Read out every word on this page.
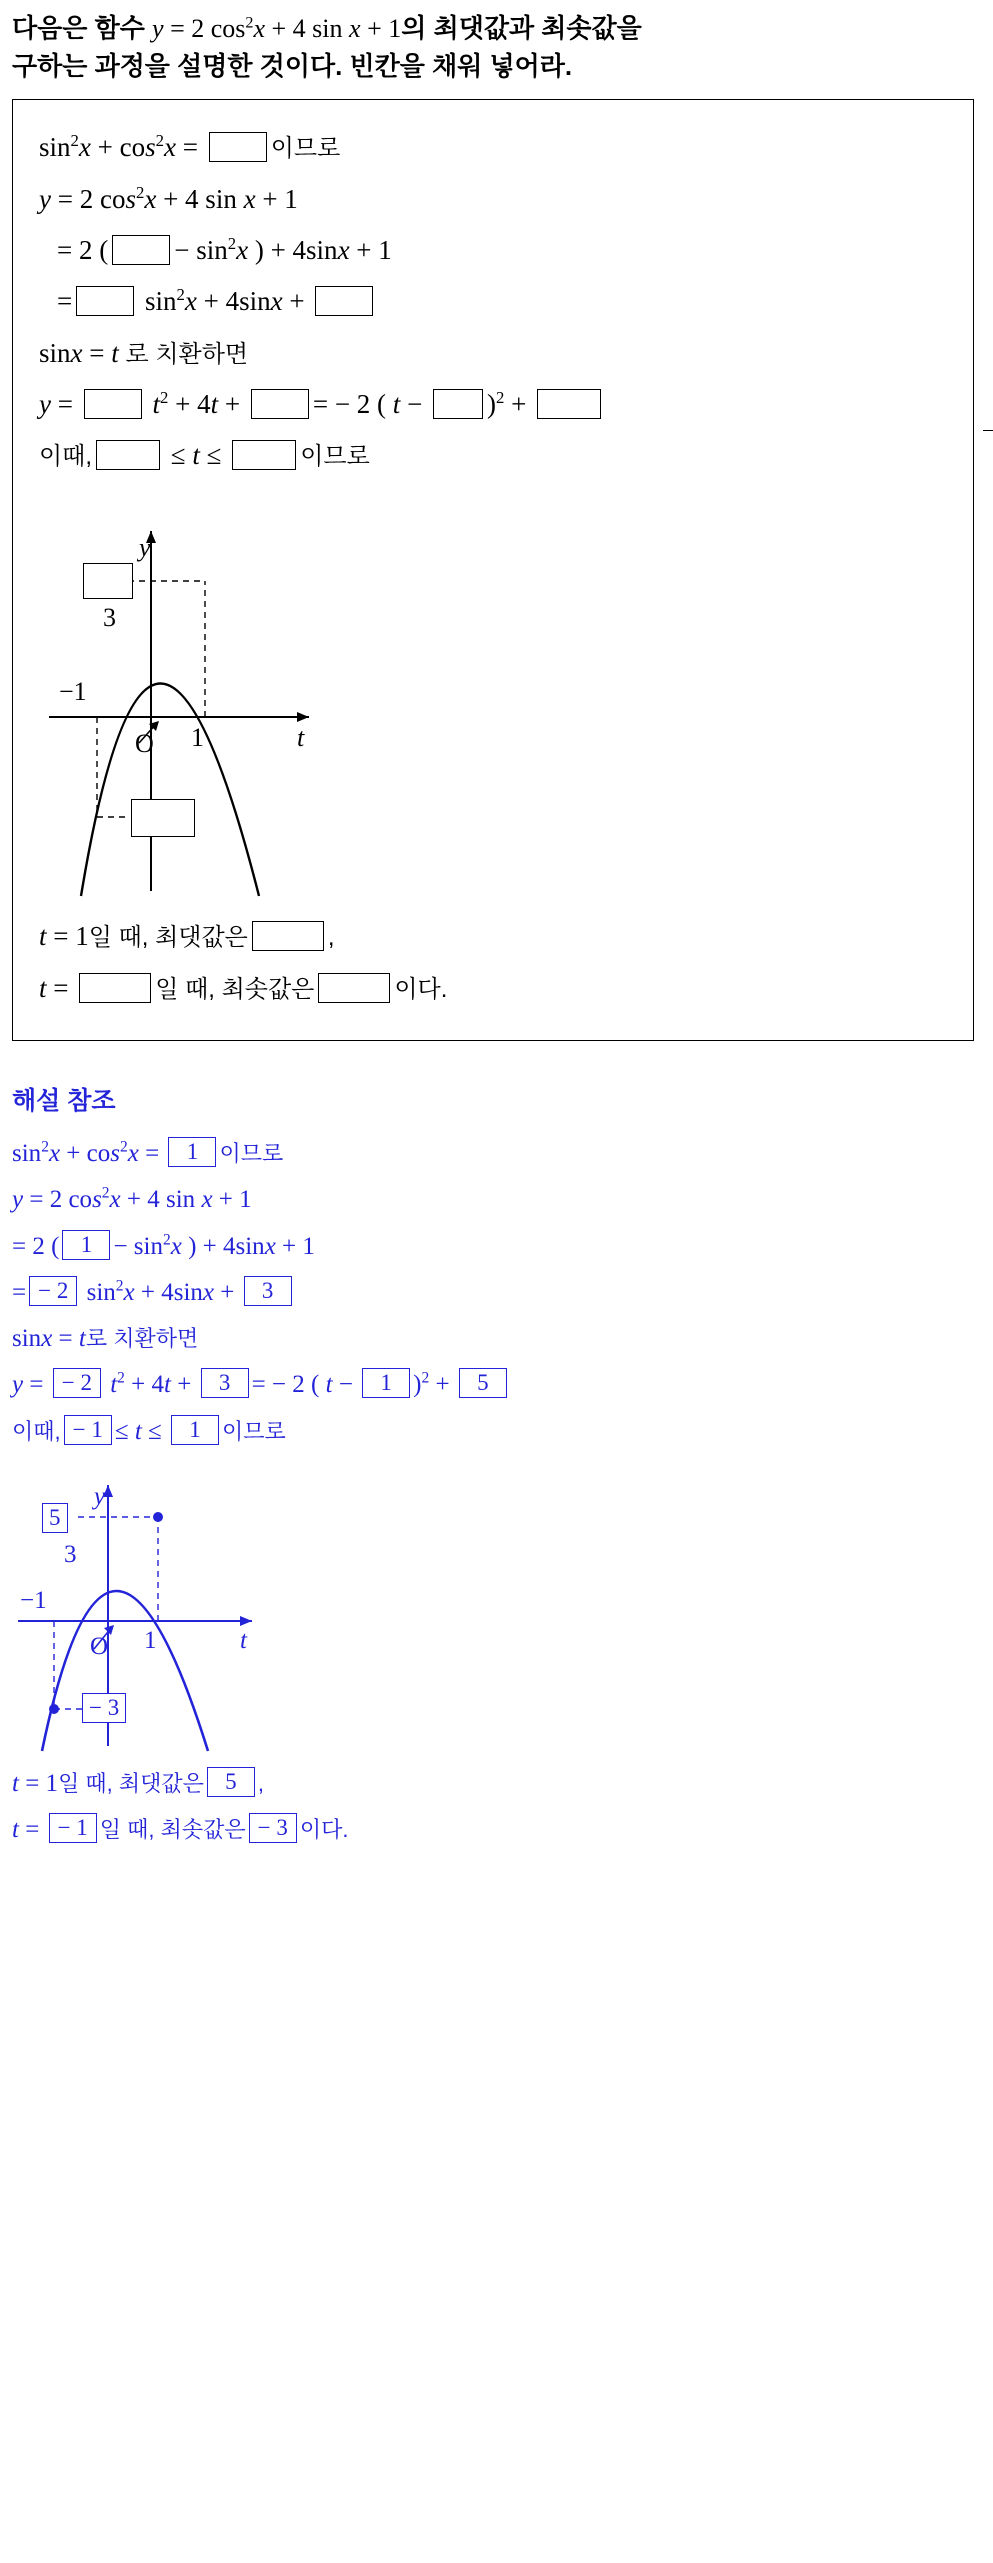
다음은 함수 y = 2 $\cos^2x + 4$ sin x + 1의 최댓값과 최솟값을
구하는 과정을 설명한 것이다. 빈칸을 채워 넣어라.
$\sin^2x + \cos^2x$ =	이므로
y = 2 $\cos^2x + 4$ sin x + 1
= 2 ( − $\sin^2x$ ) + 4sinx + 1
= $\sin^2x + 4\sin x$ +
sinx = t 로 치환하면
y =	$t^2 + 4t$ + = − 2 ( t − )$^2$ +
이때,	≤ t ≤	이므로
y
t
3
−1
1
O
t = 1일 때, 최댓값은	,
t =	일 때, 최솟값은	이다.
해설 참조
$\sin^2x + \cos^2x = 1$ 이므로
y = 2 $\cos^2x + 4$ sin x + 1
= 2 ( $1 - \sin^2x$ ) + 4sinx + 1
= − 2 $\sin^2x + 4\sin x + 3$
sinx = t로 치환하면
y = − 2 $t^2 + 4t + 3$ = − 2 ( t − 1 )$^2$ + 5
이때, − 1 ≤ t ≤ 1 이므로
y
t
5
3
−1
1
O
− 3
t = 1일 때, 최댓값은 5 ,
t = − 1 일 때, 최솟값은 − 3 이다.
